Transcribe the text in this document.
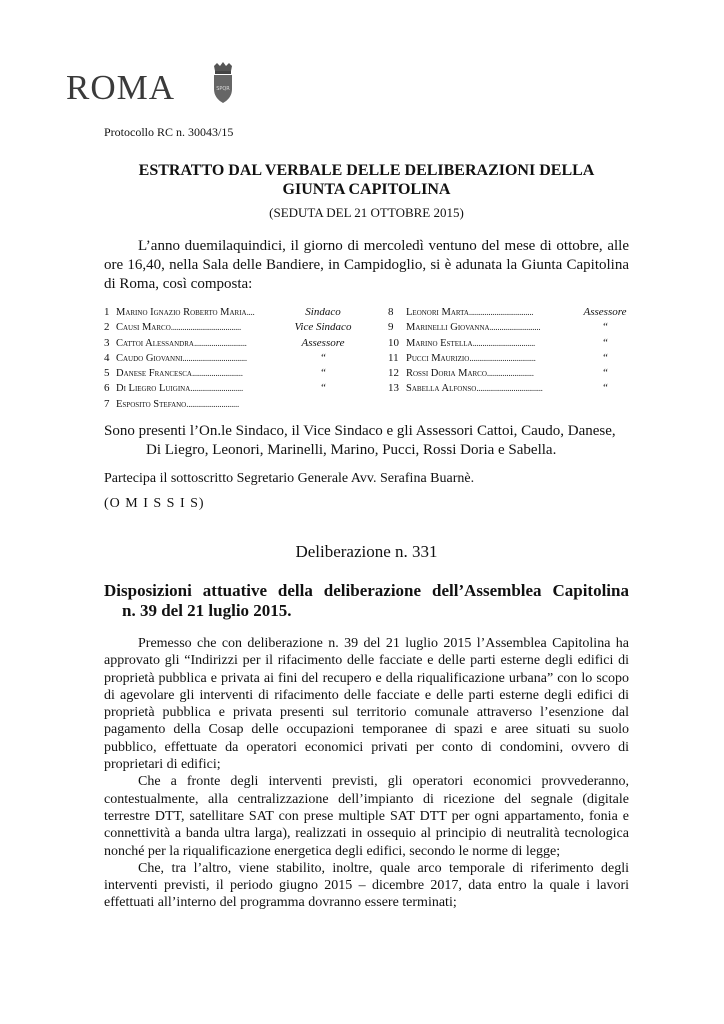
ROMA	SPQR
Protocollo RC n. 30043/15
ESTRATTO DAL VERBALE DELLE DELIBERAZIONI DELLA
GIUNTA CAPITOLINA
(SEDUTA DEL 21 OTTOBRE 2015)
L’anno duemilaquindici, il giorno di mercoledì ventuno del mese di ottobre, alle ore 16,40, nella Sala delle Bandiere, in Campidoglio, si è adunata la Giunta Capitolina di Roma, così composta:
1	Marino Ignazio Roberto Maria....	Sindaco
2	Causi Marco....................................	Vice Sindaco
3	Cattoi Alessandra...........................	Assessore
4	Caudo Giovanni.................................	“
5	Danese Francesca..........................	“
6	Di Liegro Luigina...........................	“
7	Esposito Stefano...........................	
8	Leonori Marta.................................	Assessore
9	Marinelli Giovanna..........................	“
10	Marino Estella................................	“
11	Pucci Maurizio..................................	“
12	Rossi Doria Marco........................	“
13	Sabella Alfonso..................................	“
Sono presenti l’On.le Sindaco, il Vice Sindaco e gli Assessori Cattoi, Caudo, Danese,
Di Liegro, Leonori, Marinelli, Marino, Pucci, Rossi Doria e Sabella.
Partecipa il sottoscritto Segretario Generale Avv. Serafina Buarnè.
(O M I S S I S)
Deliberazione n. 331
Disposizioni attuative della deliberazione dell’Assemblea Capitolina
n. 39 del 21 luglio 2015.

Premesso che con deliberazione n. 39 del 21 luglio 2015 l’Assemblea Capitolina ha approvato gli “Indirizzi per il rifacimento delle facciate e delle parti esterne degli edifici di proprietà pubblica e privata ai fini del recupero e della riqualificazione urbana” con lo scopo di agevolare gli interventi di rifacimento delle facciate e delle parti esterne degli edifici di proprietà pubblica e privata presenti sul territorio comunale attraverso l’esenzione dal pagamento della Cosap delle occupazioni temporanee di spazi e aree situati su suolo pubblico, effettuate da operatori economici privati per conto di condomini, ovvero di proprietari di edifici;

Che a fronte degli interventi previsti, gli operatori economici provvederanno, contestualmente, alla centralizzazione dell’impianto di ricezione del segnale (digitale terrestre DTT, satellitare SAT con prese multiple SAT DTT per ogni appartamento, fonia e connettività a banda ultra larga), realizzati in ossequio al principio di neutralità tecnologica nonché per la riqualificazione energetica degli edifici, secondo le norme di legge;

Che, tra l’altro, viene stabilito, inoltre, quale arco temporale di riferimento degli interventi previsti, il periodo giugno 2015 – dicembre 2017, data entro la quale i lavori effettuati all’interno del programma dovranno essere terminati;
